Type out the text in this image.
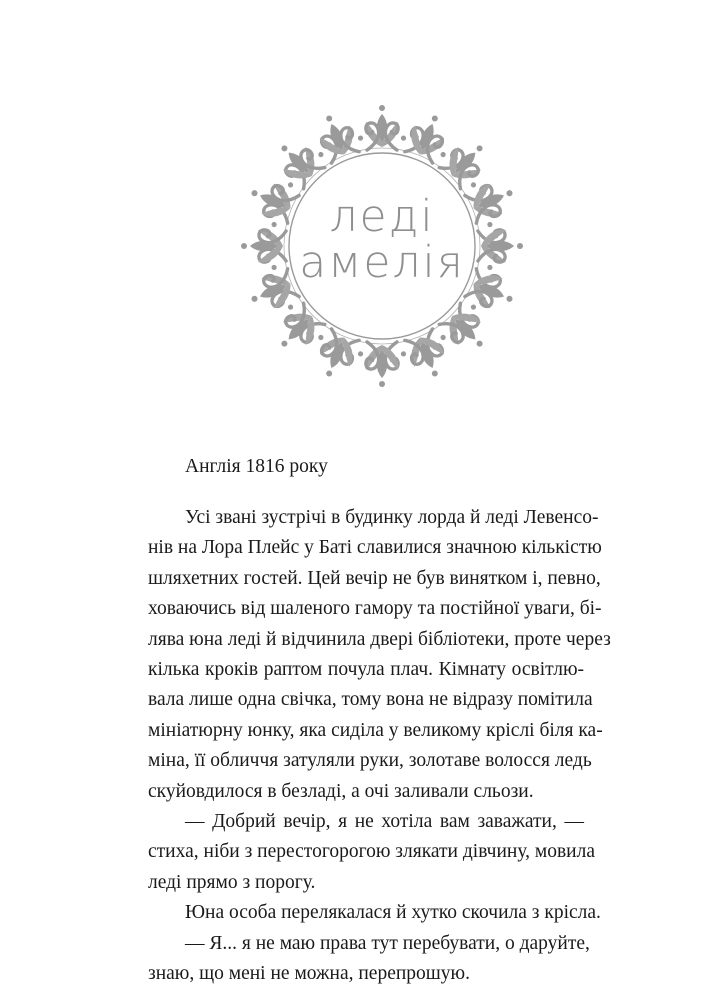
леді
амелія
Англія 1816 року
Усі звані зустрічі в будинку лорда й леді Левенсо-
нів на Лора Плейс у Баті славилися значною кількістю
шляхетних гостей. Цей вечір не був винятком і, певно,
ховаючись від шаленого гамору та постійної уваги, бі-
лява юна леді й відчинила двері бібліотеки, проте через
кілька кроків раптом почула плач. Кімнату освітлю-
вала лише одна свічка, тому вона не відразу помітила
мініатюрну юнку, яка сиділа у великому кріслі біля ка-
міна, її обличчя затуляли руки, золотаве волосся ледь
скуйовдилося в безладі, а очі заливали сльози.
— Добрий вечір, я не хотіла вам заважати, —
стиха, ніби з перестогорогою злякати дівчину, мовила
леді прямо з порогу.
Юна особа перелякалася й хутко скочила з крісла.
— Я... я не маю права тут перебувати, о даруйте,
знаю, що мені не можна, перепрошую.
